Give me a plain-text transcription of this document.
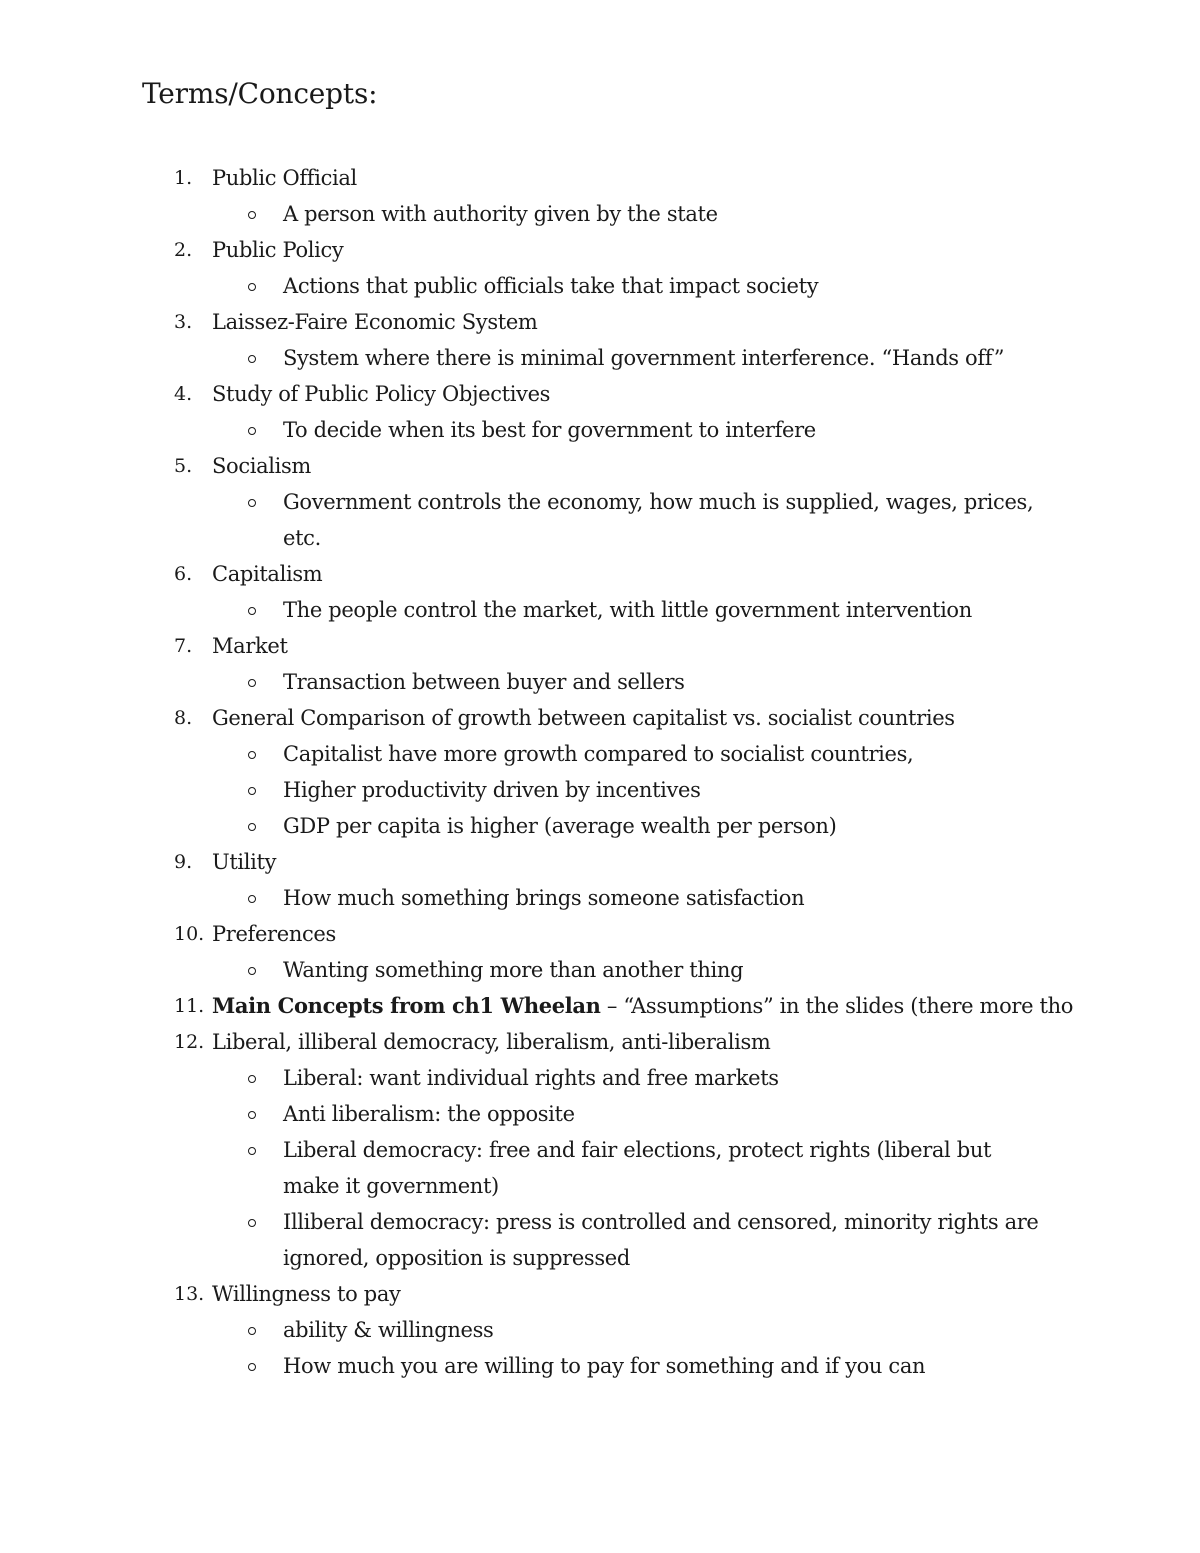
Terms/Concepts:
1. Public Official
A person with authority given by the state
2. Public Policy
Actions that public officials take that impact society
3. Laissez-Faire Economic System
System where there is minimal government interference. “Hands off”
4. Study of Public Policy Objectives
To decide when its best for government to interfere
5. Socialism
Government controls the economy, how much is supplied, wages, prices,
etc.
6. Capitalism
The people control the market, with little government intervention
7. Market
Transaction between buyer and sellers
8. General Comparison of growth between capitalist vs. socialist countries
Capitalist have more growth compared to socialist countries,
Higher productivity driven by incentives
GDP per capita is higher (average wealth per person)
9. Utility
How much something brings someone satisfaction
10. Preferences
Wanting something more than another thing
11. Main Concepts from ch1 Wheelan – “Assumptions” in the slides (there more tho
12. Liberal, illiberal democracy, liberalism, anti-liberalism
Liberal: want individual rights and free markets
Anti liberalism: the opposite
Liberal democracy: free and fair elections, protect rights (liberal but
make it government)
Illiberal democracy: press is controlled and censored, minority rights are
ignored, opposition is suppressed
13. Willingness to pay
ability & willingness
How much you are willing to pay for something and if you can
